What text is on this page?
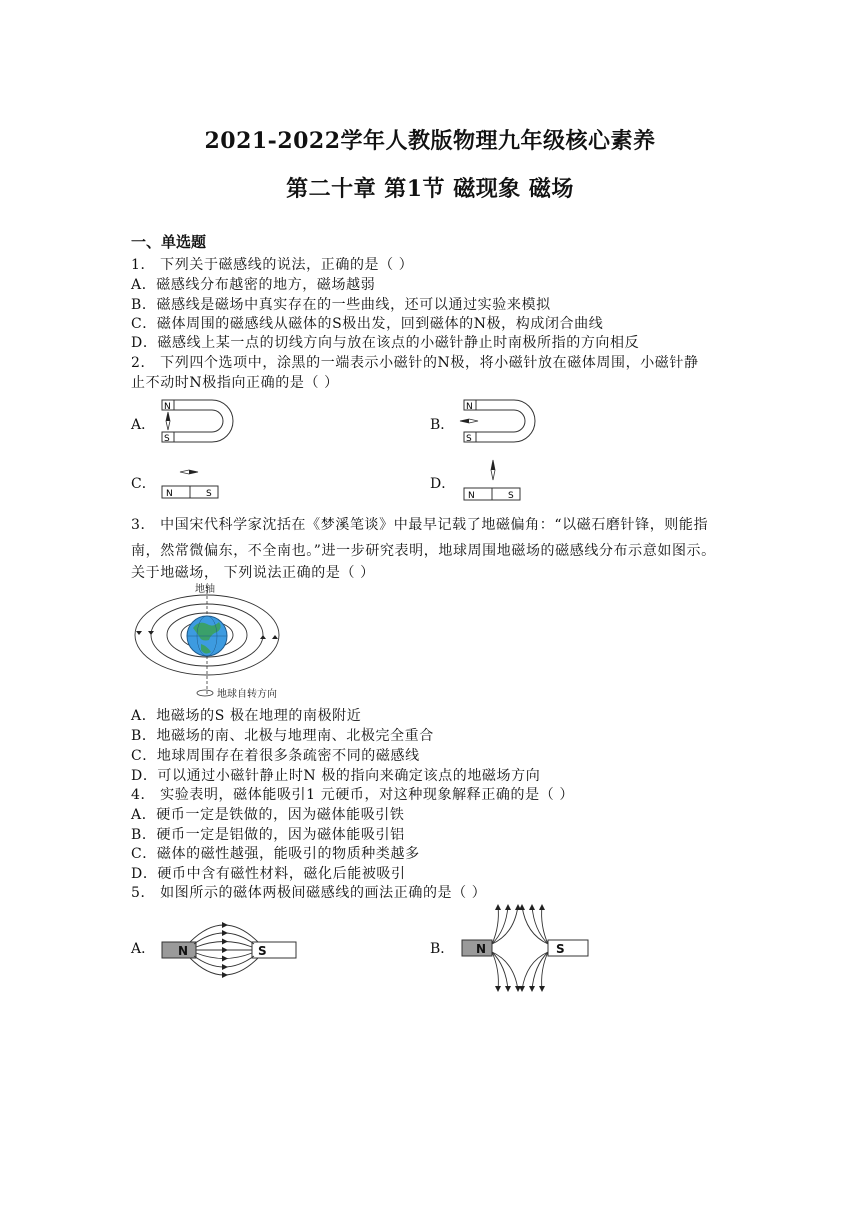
2021-2022学年人教版物理九年级核心素养
第二十章 第1节 磁现象 磁场
一、单选题
1． 下列关于磁感线的说法，正确的是（ ）
A．磁感线分布越密的地方，磁场越弱
B．磁感线是磁场中真实存在的一些曲线，还可以通过实验来模拟
C．磁体周围的磁感线从磁体的S极出发，回到磁体的N极，构成闭合曲线
D．磁感线上某一点的切线方向与放在该点的小磁针静止时南极所指的方向相反
2． 下列四个选项中，涂黑的一端表示小磁针的N极，将小磁针放在磁体周围，小磁针静
止不动时N极指向正确的是（ ）
A．
N
S
B．
N
S
C．
N	S
D．
N	S
3． 中国宋代科学家沈括在《梦溪笔谈》中最早记载了地磁偏角：“以磁石磨针锋，则能指
南，然常微偏东，不全南也。”进一步研究表明，地球周围地磁场的磁感线分布示意如图示。
关于地磁场， 下列说法正确的是（ ）
地轴
地球自转方向
A．地磁场的S 极在地理的南极附近
B．地磁场的南、北极与地理南、北极完全重合
C．地球周围存在着很多条疏密不同的磁感线
D．可以通过小磁针静止时N 极的指向来确定该点的地磁场方向
4． 实验表明，磁体能吸引1 元硬币，对这种现象解释正确的是（ ）
A．硬币一定是铁做的，因为磁体能吸引铁
B．硬币一定是铝做的，因为磁体能吸引铝
C．磁体的磁性越强，能吸引的物质种类越多
D．硬币中含有磁性材料，磁化后能被吸引
5． 如图所示的磁体两极间磁感线的画法正确的是（ ）
A． N	S	B． N	S
